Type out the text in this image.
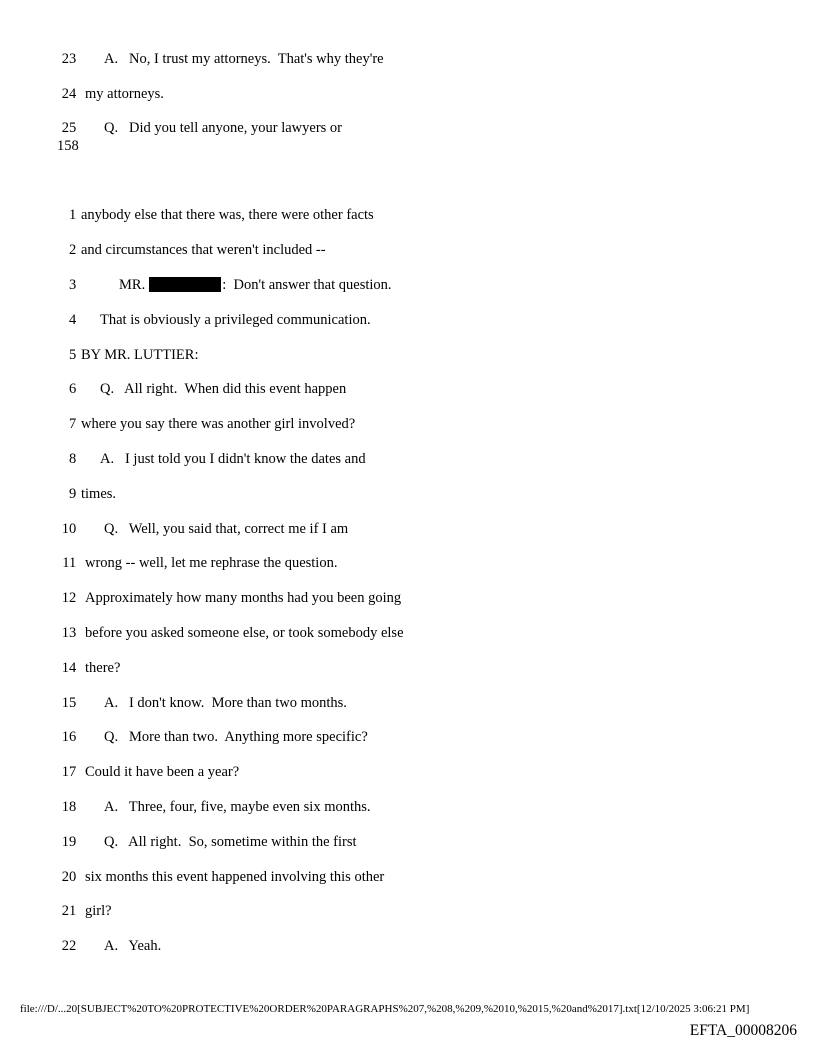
23

A.   No, I trust my attorneys.  That's why they're

24

my attorneys.

25

Q.   Did you tell anyone, your lawyers or

158

1

anybody else that there was, there were other facts

2

and circumstances that weren't included --

3

	MR.	:  Don't answer that question.

4

That is obviously a privileged communication.

5

BY MR. LUTTIER:

6

Q.   All right.  When did this event happen

7

where you say there was another girl involved?

8

A.   I just told you I didn't know the dates and

9

times.

10

Q.   Well, you said that, correct me if I am

11

wrong -- well, let me rephrase the question.

12

Approximately how many months had you been going

13

before you asked someone else, or took somebody else

14

there?

15

A.   I don't know.  More than two months.

16

Q.   More than two.  Anything more specific?

17

Could it have been a year?

18

A.   Three, four, five, maybe even six months.

19

Q.   All right.  So, sometime within the first

20

six months this event happened involving this other

21

girl?

22

A.   Yeah.

file:///D/...20[SUBJECT%20TO%20PROTECTIVE%20ORDER%20PARAGRAPHS%207,%208,%209,%2010,%2015,%20and%2017].txt[12/10/2025 3:06:21 PM]
EFTA_00008206
